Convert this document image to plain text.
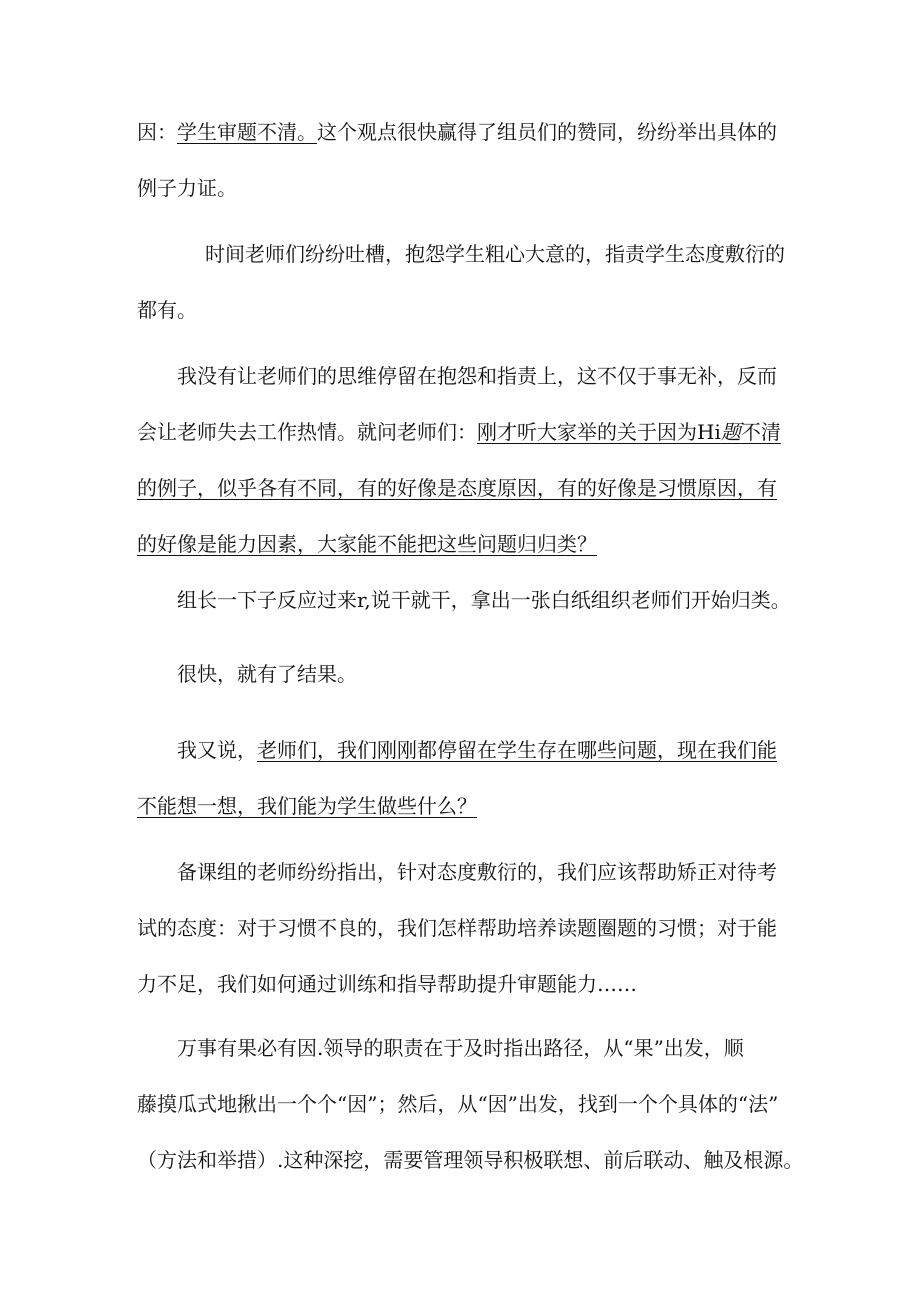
因：学生审题不清。这个观点很快赢得了组员们的赞同，纷纷举出具体的
例子力证。
时间老师们纷纷吐槽，抱怨学生粗心大意的，指责学生态度敷衍的
都有。
我没有让老师们的思维停留在抱怨和指责上，这不仅于事无补，反而
会让老师失去工作热情。就问老师们：刚才听大家举的关于因为Hi题不清
的例子，似乎各有不同，有的好像是态度原因，有的好像是习惯原因，有
的好像是能力因素，大家能不能把这些问题归归类？
组长一下子反应过来r,说干就干，拿出一张白纸组织老师们开始归类。
很快，就有了结果。
我又说，老师们，我们刚刚都停留在学生存在哪些问题，现在我们能
不能想一想，我们能为学生做些什么？
备课组的老师纷纷指出，针对态度敷衍的，我们应该帮助矫正对待考
试的态度：对于习惯不良的，我们怎样帮助培养读题圈题的习惯；对于能
力不足，我们如何通过训练和指导帮助提升审题能力……
万事有果必有因.领导的职责在于及时指出路径，从“果”出发，顺
藤摸瓜式地揪出一个个“因”；然后，从“因”出发，找到一个个具体的“法”
（方法和举措）.这种深挖，需要管理领导积极联想、前后联动、触及根源。
